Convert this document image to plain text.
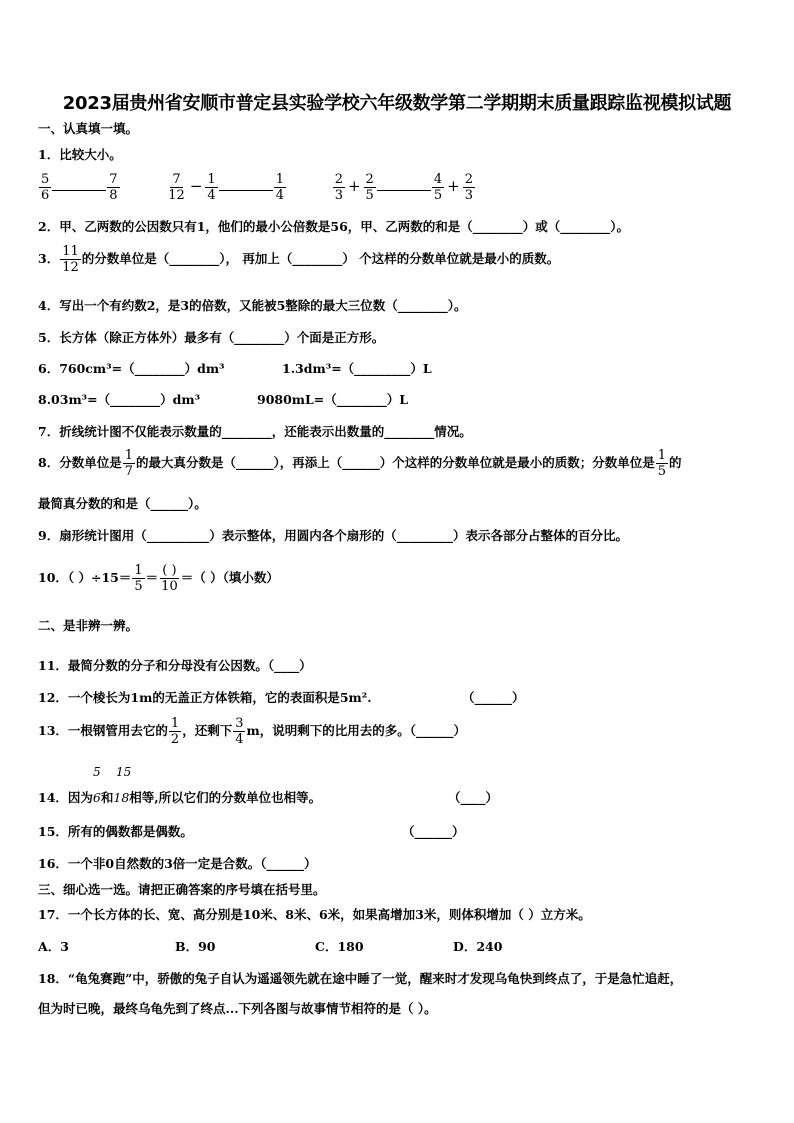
2023届贵州省安顺市普定县实验学校六年级数学第二学期期末质量跟踪监视模拟试题
一、认真填一填。
1．比较大小。
$\frac{5}{6}$	$\frac{7}{8}$
	$\frac{7}{12} - \frac{1}{4}$	$\frac{1}{4}$
	$\frac{2}{3} + \frac{2}{5}$	$\frac{4}{5} + \frac{2}{3}$
2．甲、乙两数的公因数只有1，他们的最小公倍数是56，甲、乙两数的和是（________）或（________）。
3． $\frac{11}{12}$ 的分数单位是（________）， 再加上（________） 个这样的分数单位就是最小的质数。
4．写出一个有约数2，是3的倍数，又能被5整除的最大三位数（________）。
5．长方体（除正方体外）最多有（________）个面是正方形。
6．760cm³=（________）dm³	1.3dm³=（_________）L
8.03m³=（________）dm³	9080mL=（________）L
7．折线统计图不仅能表示数量的________，还能表示出数量的________情况。
8．分数单位是 $\frac{1}{7}$ 的最大真分数是（______），再添上（______）个这样的分数单位就是最小的质数；分数单位是 $\frac{1}{5}$ 的
最简真分数的和是（______）。
9．扇形统计图用（__________）表示整体，用圆内各个扇形的（_________）表示各部分占整体的百分比。
10．（ ）$\div 15= \frac{1}{5} = \frac{( )}{10}$ ＝（ ）（填小数）
二、是非辨一辨。
11．最简分数的分子和分母没有公因数。（____）
12．一个棱长为1m的无盖正方体铁箱，它的表面积是5m².	（______）
13．一根钢管用去它的 $\frac{1}{2}$ ，还剩下 $\frac{3}{4}$ m，说明剩下的比用去的多。（______）
5 15
14．因为6和18相等,所以它们的分数单位也相等。	（____）
15．所有的偶数都是偶数。	（______）
16．一个非0自然数的3倍一定是合数。（______）
三、细心选一选。请把正确答案的序号填在括号里。
17．一个长方体的长、宽、高分别是10米、8米、6米，如果高增加3米，则体积增加（ ）立方米。
A．3	B．90	C．180	D．240
18．“龟兔赛跑”中，骄傲的兔子自认为遥遥领先就在途中睡了一觉，醒来时才发现乌龟快到终点了，于是急忙追赶，
但为时已晚，最终乌龟先到了终点...下列各图与故事情节相符的是（ ）。
